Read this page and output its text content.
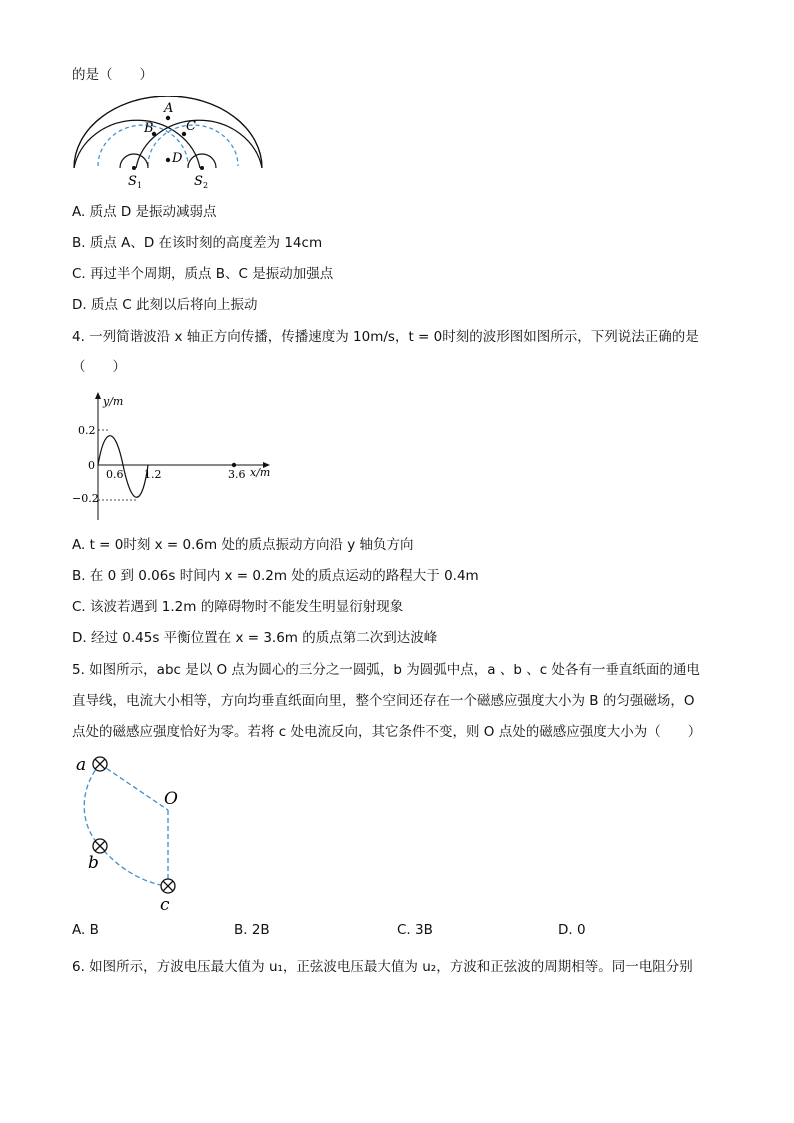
的是（　　）
A
B C
D
S 1	S 2
A. 质点 D 是振动减弱点
B. 质点 A、D 在该时刻的高度差为 14cm
C. 再过半个周期，质点 B、C 是振动加强点
D. 质点 C 此刻以后将向上振动
4. 一列简谐波沿 x 轴正方向传播，传播速度为 10m/s，t = 0时刻的波形图如图所示，下列说法正确的是
（　　）
y/m
x/m
0.2
−0.2
0
0.6 1.2	3.6
A. t = 0时刻 x = 0.6m 处的质点振动方向沿 y 轴负方向
B. 在 0 到 0.06s 时间内 x = 0.2m 处的质点运动的路程大于 0.4m
C. 该波若遇到 1.2m 的障碍物时不能发生明显衍射现象
D. 经过 0.45s 平衡位置在 x = 3.6m 的质点第二次到达波峰
5. 如图所示，abc 是以 O 点为圆心的三分之一圆弧，b 为圆弧中点，a 、b 、c 处各有一垂直纸面的通电
直导线，电流大小相等，方向均垂直纸面向里，整个空间还存在一个磁感应强度大小为 B 的匀强磁场，O
点处的磁感应强度恰好为零。若将 c 处电流反向，其它条件不变，则 O 点处的磁感应强度大小为（　　）
a
b
c
O
A. B	B. 2B	C. 3B	D. 0
6. 如图所示，方波电压最大值为 u₁，正弦波电压最大值为 u₂，方波和正弦波的周期相等。同一电阻分别
